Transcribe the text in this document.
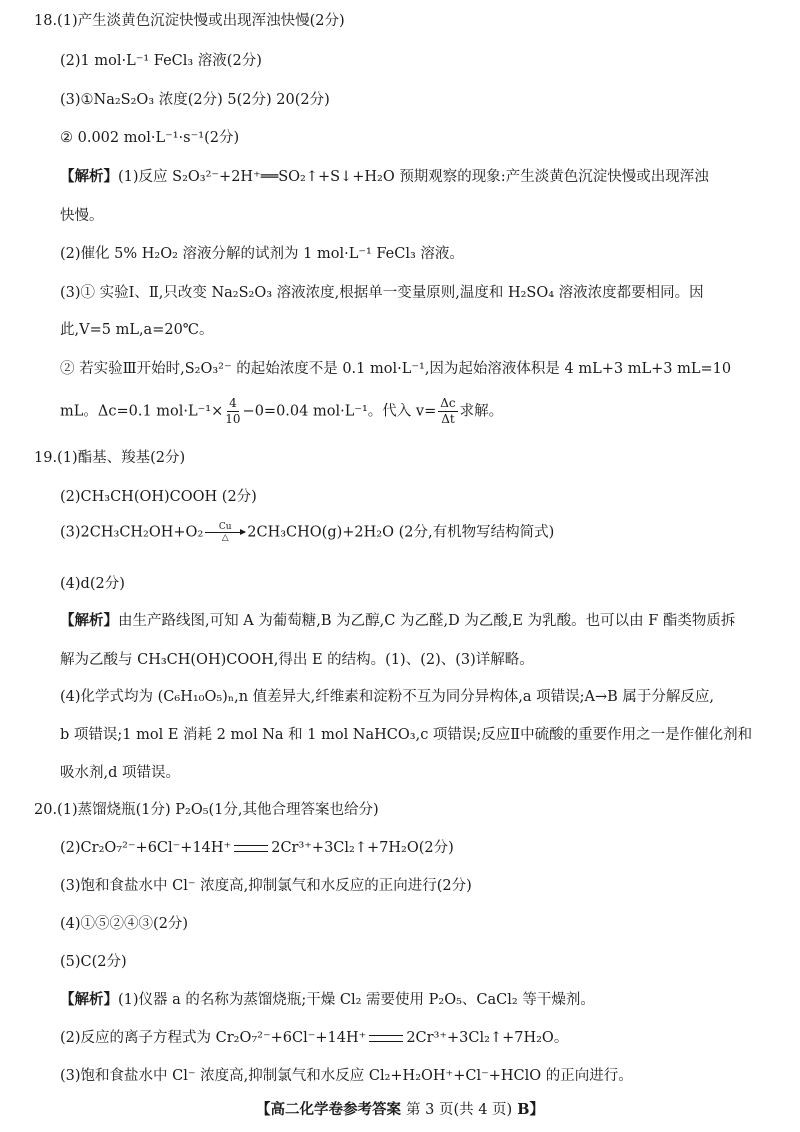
18.(1)产生淡黄色沉淀快慢或出现浑浊快慢(2分)
(2)1 mol·L⁻¹ FeCl₃ 溶液(2分)
(3)①Na₂S₂O₃ 浓度(2分) 5(2分) 20(2分)
② 0.002 mol·L⁻¹·s⁻¹(2分)
【解析】(1)反应 S₂O₃²⁻+2H⁺══SO₂↑+S↓+H₂O 预期观察的现象:产生淡黄色沉淀快慢或出现浑浊
快慢。
(2)催化 5% H₂O₂ 溶液分解的试剂为 1 mol·L⁻¹ FeCl₃ 溶液。
(3)① 实验Ⅰ、Ⅱ,只改变 Na₂S₂O₃ 溶液浓度,根据单一变量原则,温度和 H₂SO₄ 溶液浓度都要相同。因
此,V=5 mL,a=20℃。
② 若实验Ⅲ开始时,S₂O₃²⁻ 的起始浓度不是 0.1 mol·L⁻¹,因为起始溶液体积是 4 mL+3 mL+3 mL=10
mL。Δc=0.1 $mol\cdot L^{-1}\times \frac{4}{10} -0=0.04$ mol·L⁻¹。代入 $v= \frac{\Delta c}{\Delta t}$ 求解。
19.(1)酯基、羧基(2分)
(2)CH₃CH(OH)COOH (2分)
(3)2CH₃CH₂OH+O₂ Cu
△ 2CH₃CHO(g)+2H₂O (2分,有机物写结构简式)
(4)d(2分)
【解析】由生产路线图,可知 A 为葡萄糖,B 为乙醇,C 为乙醛,D 为乙酸,E 为乳酸。也可以由 F 酯类物质拆
解为乙酸与 CH₃CH(OH)COOH,得出 E 的结构。(1)、(2)、(3)详解略。
(4)化学式均为 (C₆H₁₀O₅)ₙ,n 值差异大,纤维素和淀粉不互为同分异构体,a 项错误;A→B 属于分解反应,
b 项错误;1 mol E 消耗 2 mol Na 和 1 mol NaHCO₃,c 项错误;反应Ⅱ中硫酸的重要作用之一是作催化剂和
吸水剂,d 项错误。
20.(1)蒸馏烧瓶(1分) P₂O₅(1分,其他合理答案也给分)
(2)Cr₂O₇²⁻+6Cl⁻+14H⁺	2Cr³⁺+3Cl₂↑+7H₂O(2分)
(3)饱和食盐水中 Cl⁻ 浓度高,抑制氯气和水反应的正向进行(2分)
(4)①⑤②④③(2分)
(5)C(2分)
【解析】(1)仪器 a 的名称为蒸馏烧瓶;干燥 Cl₂ 需要使用 P₂O₅、CaCl₂ 等干燥剂。
(2)反应的离子方程式为 Cr₂O₇²⁻+6Cl⁻+14H⁺	2Cr³⁺+3Cl₂↑+7H₂O。
(3)饱和食盐水中 Cl⁻ 浓度高,抑制氯气和水反应 Cl₂+H₂OH⁺+Cl⁻+HClO 的正向进行。
【高二化学卷参考答案 第 3 页(共 4 页) B】
